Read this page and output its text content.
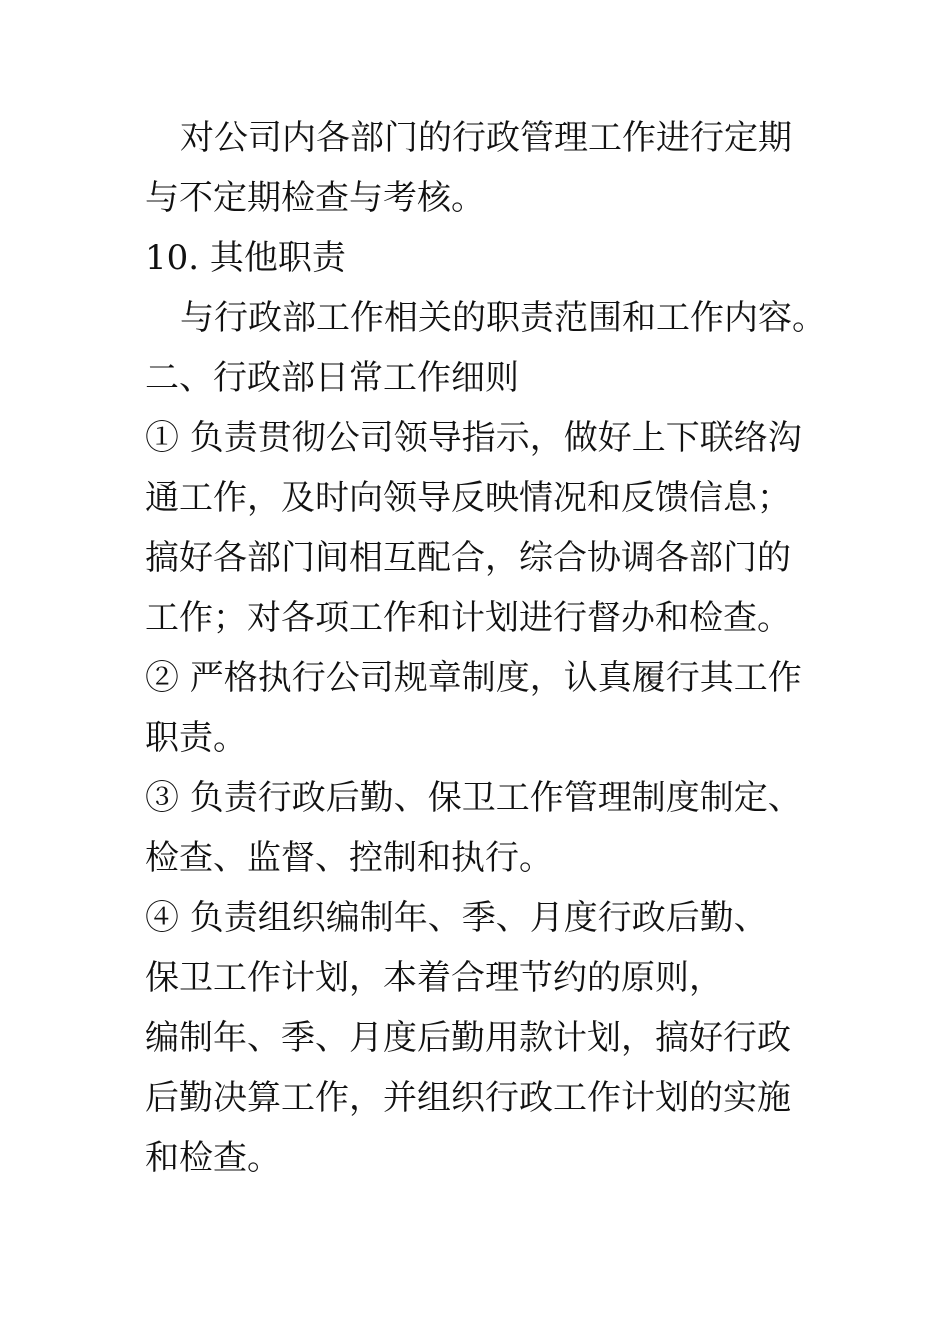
对公司内各部门的行政管理工作进行定期
与不定期检查与考核。
10. 其他职责
与行政部工作相关的职责范围和工作内容。
二、行政部日常工作细则
① 负责贯彻公司领导指示，做好上下联络沟
通工作，及时向领导反映情况和反馈信息；
搞好各部门间相互配合，综合协调各部门的
工作；对各项工作和计划进行督办和检查。
② 严格执行公司规章制度，认真履行其工作
职责。
③ 负责行政后勤、保卫工作管理制度制定、
检查、监督、控制和执行。
④ 负责组织编制年、季、月度行政后勤、
保卫工作计划，本着合理节约的原则，
编制年、季、月度后勤用款计划，搞好行政
后勤决算工作，并组织行政工作计划的实施
和检查。
